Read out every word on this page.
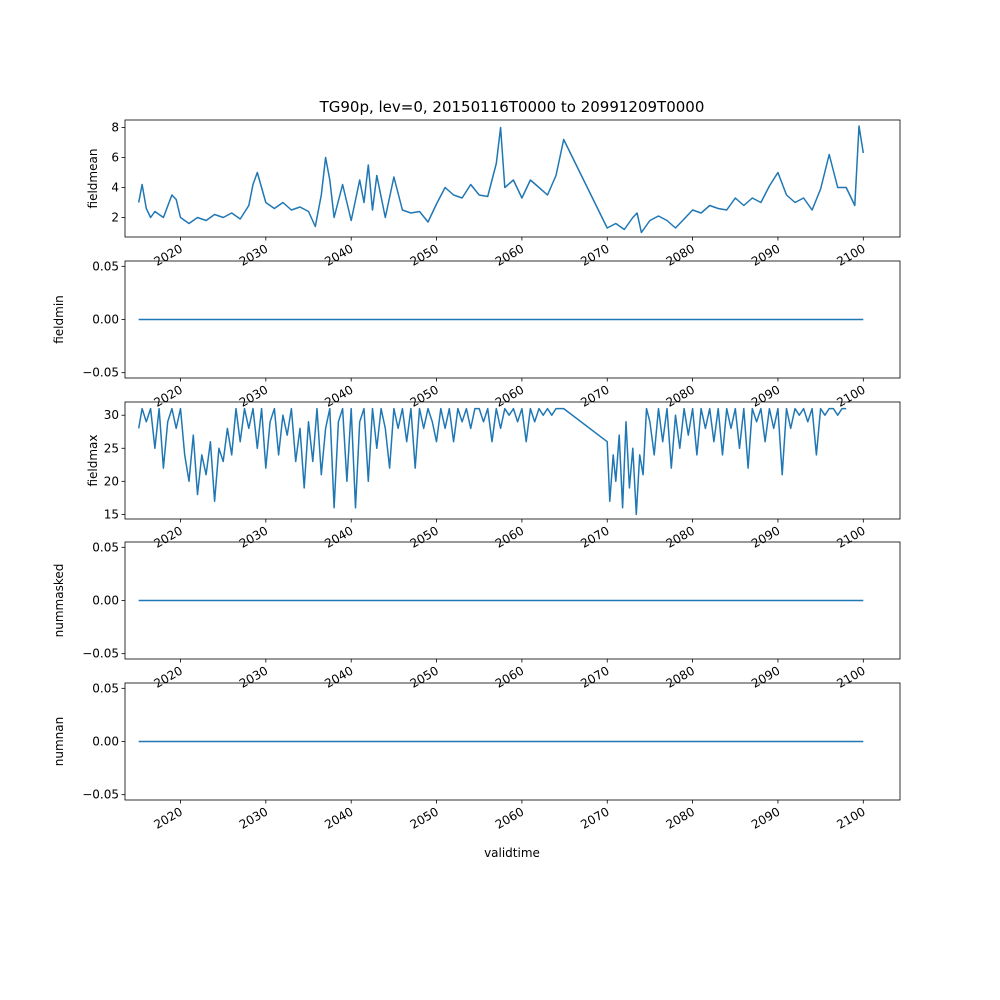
TG90p, lev=0, 20150116T0000 to 20991209T0000
2
4
6
8
2020	2030	2040	2050	2060	2070	2080	2090	2100
fieldmean
−0.05
0.00
0.05
2020	2030	2040	2050	2060	2070	2080	2090	2100
fieldmin
15
20
25
30
2020	2030	2040	2050	2060	2070	2080	2090	2100
fieldmax
−0.05
0.00
0.05
2020	2030	2040	2050	2060	2070	2080	2090	2100
nummasked
−0.05
0.00
0.05
2020	2030	2040	2050	2060	2070	2080	2090	2100
numnan
validtime
